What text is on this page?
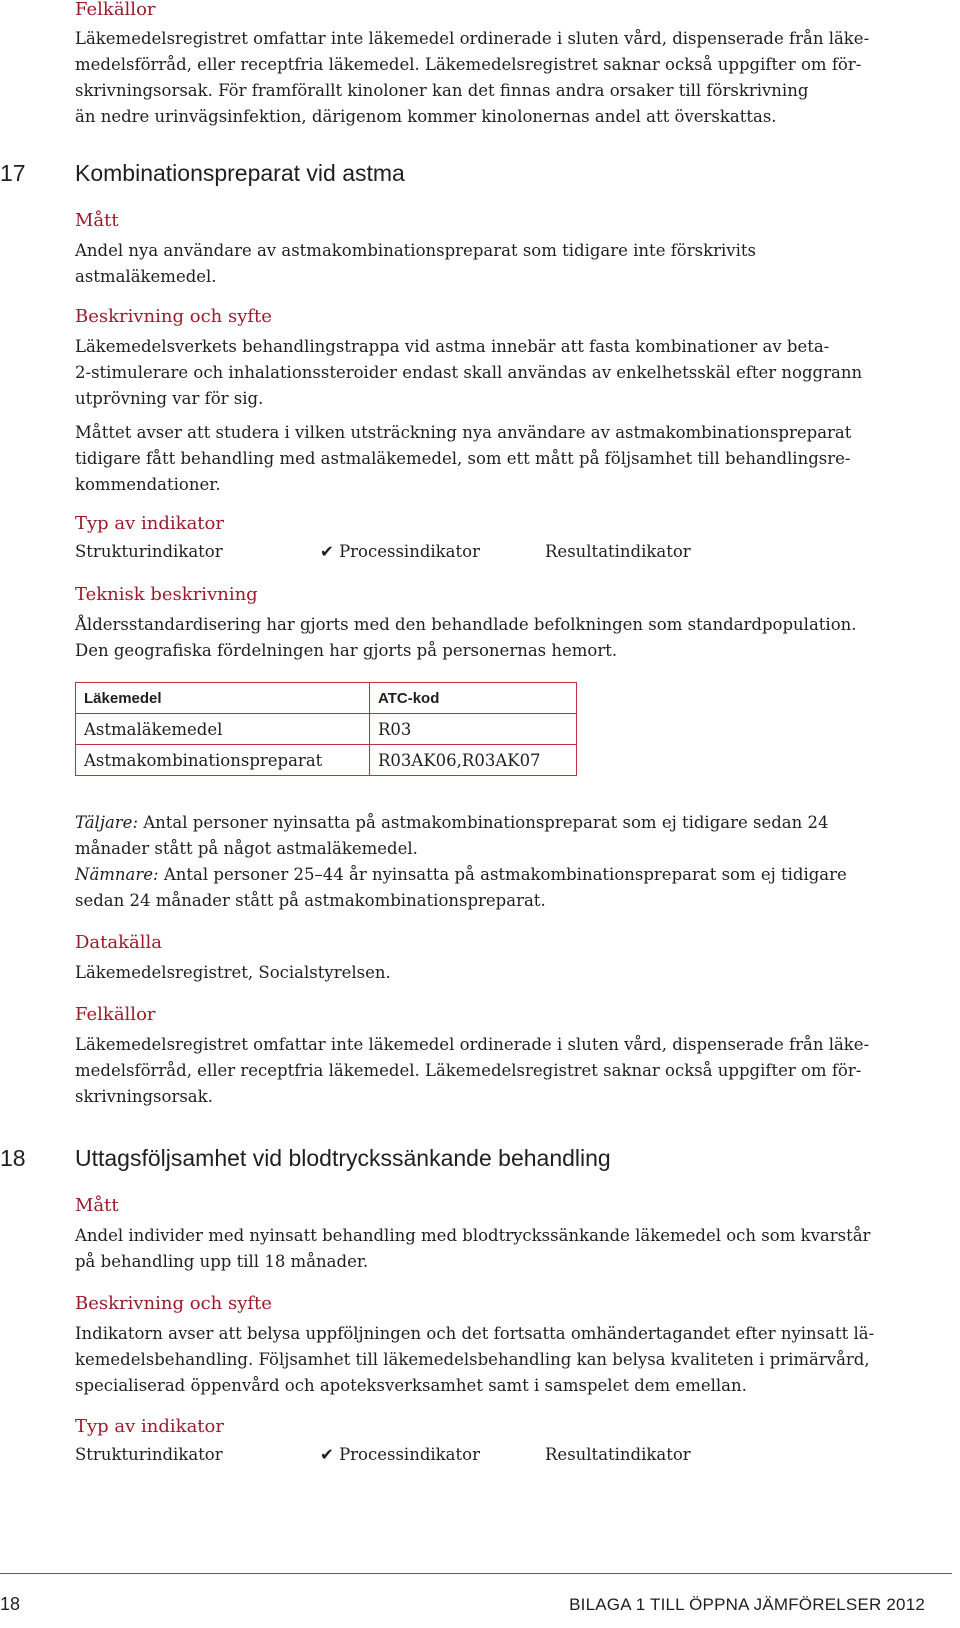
Felkällor

Läkemedelsregistret omfattar inte läkemedel ordinerade i sluten vård, dispenserade från läke-
medelsförråd, eller receptfria läkemedel. Läkemedelsregistret saknar också uppgifter om för-
skrivningsorsak. För framförallt kinoloner kan det finnas andra orsaker till förskrivning
än nedre urinvägsinfektion, därigenom kommer kinolonernas andel att överskattas.
17 Kombinationspreparat vid astma

Mått

Andel nya användare av astmakombinationspreparat som tidigare inte förskrivits
astmaläkemedel.

Beskrivning och syfte

Läkemedelsverkets behandlingstrappa vid astma innebär att fasta kombinationer av beta-
2-stimulerare och inhalationssteroider endast skall användas av enkelhetsskäl efter noggrann
utprövning var för sig.
Måttet avser att studera i vilken utsträckning nya användare av astmakombinationspreparat
tidigare fått behandling med astmaläkemedel, som ett mått på följsamhet till behandlingsre-
kommendationer.

Typ av indikator

Strukturindikator	✔ Processindikator	Resultatindikator

Teknisk beskrivning

Åldersstandardisering har gjorts med den behandlade befolkningen som standardpopulation.
Den geografiska fördelningen har gjorts på personernas hemort.
Läkemedel	ATC-kod
Astmaläkemedel	R03
Astmakombinationspreparat	R03AK06,R03AK07
Täljare: Antal personer nyinsatta på astmakombinationspreparat som ej tidigare sedan 24
månader stått på något astmaläkemedel.
Nämnare: Antal personer 25–44 år nyinsatta på astmakombinationspreparat som ej tidigare
sedan 24 månader stått på astmakombinationspreparat.

Datakälla

Läkemedelsregistret, Socialstyrelsen.

Felkällor

Läkemedelsregistret omfattar inte läkemedel ordinerade i sluten vård, dispenserade från läke-
medelsförråd, eller receptfria läkemedel. Läkemedelsregistret saknar också uppgifter om för-
skrivningsorsak.
18 Uttagsföljsamhet vid blodtryckssänkande behandling

Mått

Andel individer med nyinsatt behandling med blodtryckssänkande läkemedel och som kvarstår
på behandling upp till 18 månader.

Beskrivning och syfte

Indikatorn avser att belysa uppföljningen och det fortsatta omhändertagandet efter nyinsatt lä-
kemedelsbehandling. Följsamhet till läkemedelsbehandling kan belysa kvaliteten i primärvård,
specialiserad öppenvård och apoteksverksamhet samt i samspelet dem emellan.

Typ av indikator

Strukturindikator	✔ Processindikator	Resultatindikator
18	BILAGA 1 TILL ÖPPNA JÄMFÖRELSER 2012
